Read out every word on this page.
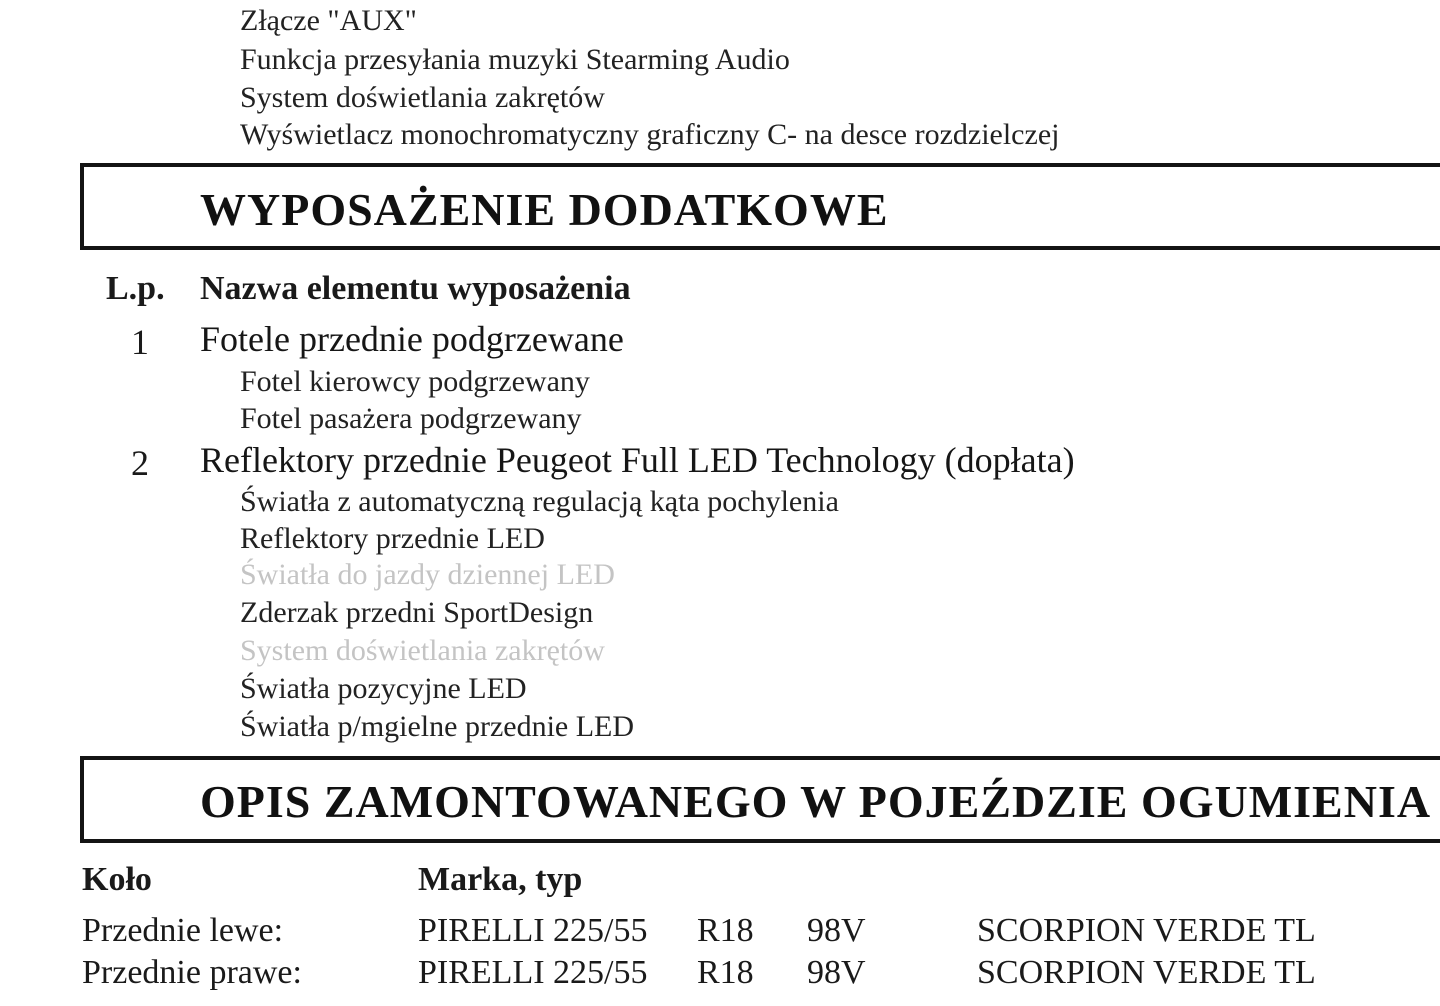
Złącze "AUX"
Funkcja przesyłania muzyki Stearming Audio
System doświetlania zakrętów
Wyświetlacz monochromatyczny graficzny C- na desce rozdzielczej
WYPOSAŻENIE DODATKOWE
L.p. Nazwa elementu wyposażenia
1	Fotele przednie podgrzewane
Fotel kierowcy podgrzewany
Fotel pasażera podgrzewany
2	Reflektory przednie Peugeot Full LED Technology (dopłata)
Światła z automatyczną regulacją kąta pochylenia
Reflektory przednie LED
Światła do jazdy dziennej LED
Zderzak przedni SportDesign
System doświetlania zakrętów
Światła pozycyjne LED
Światła p/mgielne przednie LED
OPIS ZAMONTOWANEGO W POJEŹDZIE OGUMIENIA
Koło	Marka, typ
Przednie lewe:	PIRELLI 225/55 R18 98V	SCORPION VERDE TL
Przednie prawe:	PIRELLI 225/55 R18 98V	SCORPION VERDE TL
